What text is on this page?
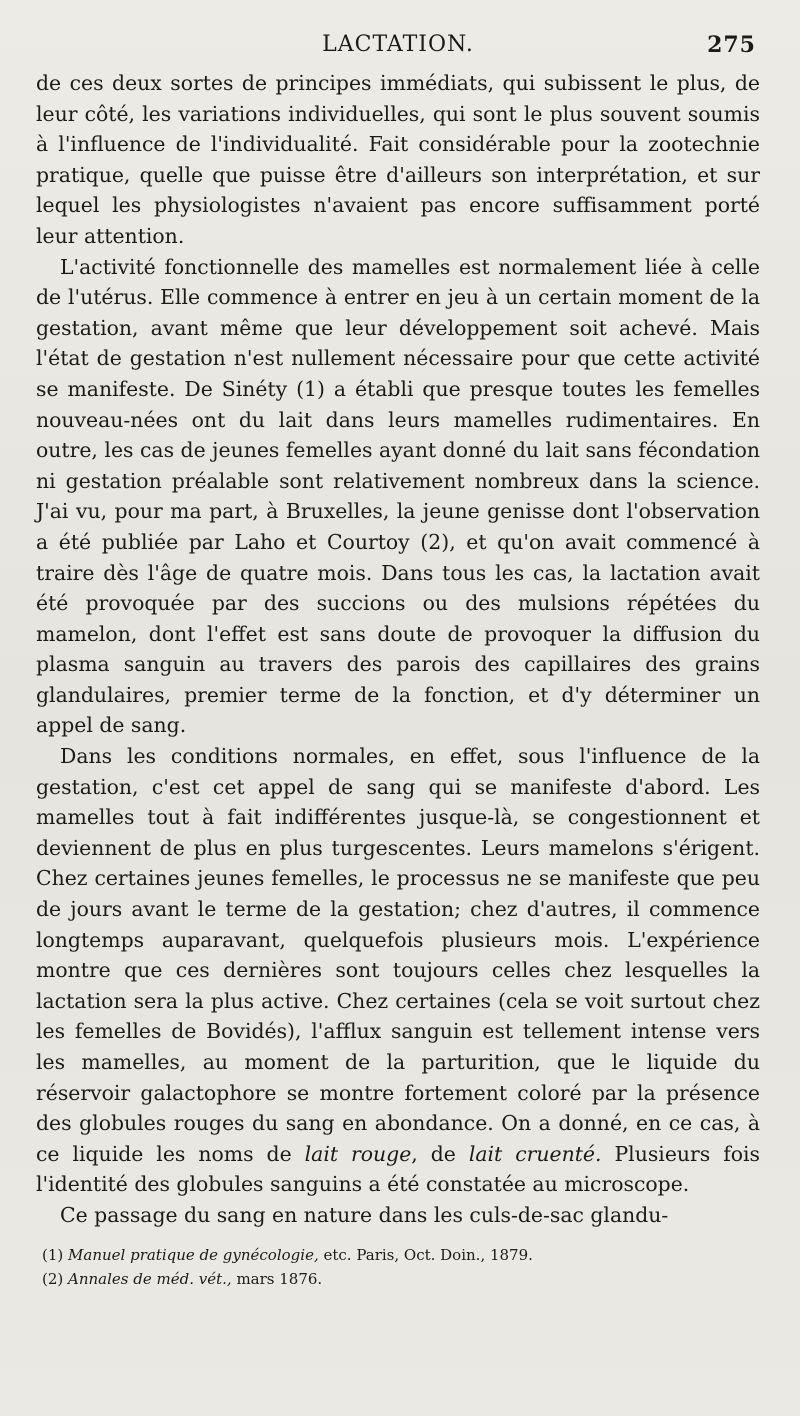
LACTATION.	275

de ces deux sortes de principes immédiats, qui subissent le plus, de leur côté, les variations individuelles, qui sont le plus souvent soumis à l'influence de l'individualité. Fait considérable pour la zootechnie pratique, quelle que puisse être d'ailleurs son interprétation, et sur lequel les physiologistes n'avaient pas encore suffisamment porté leur attention.

L'activité fonctionnelle des mamelles est normalement liée à celle de l'utérus. Elle commence à entrer en jeu à un certain moment de la gestation, avant même que leur développement soit achevé. Mais l'état de gestation n'est nullement nécessaire pour que cette activité se manifeste. De Sinéty (1) a établi que presque toutes les femelles nouveau-nées ont du lait dans leurs mamelles rudimentaires. En outre, les cas de jeunes femelles ayant donné du lait sans fécondation ni gestation préalable sont relativement nombreux dans la science. J'ai vu, pour ma part, à Bruxelles, la jeune genisse dont l'observation a été publiée par Laho et Courtoy (2), et qu'on avait commencé à traire dès l'âge de quatre mois. Dans tous les cas, la lactation avait été provoquée par des succions ou des mulsions répétées du mamelon, dont l'effet est sans doute de provoquer la diffusion du plasma sanguin au travers des parois des capillaires des grains glandulaires, premier terme de la fonction, et d'y déterminer un appel de sang.

Dans les conditions normales, en effet, sous l'influence de la gestation, c'est cet appel de sang qui se manifeste d'abord. Les mamelles tout à fait indifférentes jusque-là, se congestionnent et deviennent de plus en plus turgescentes. Leurs mamelons s'érigent. Chez certaines jeunes femelles, le processus ne se manifeste que peu de jours avant le terme de la gestation; chez d'autres, il commence longtemps auparavant, quelquefois plusieurs mois. L'expérience montre que ces dernières sont toujours celles chez lesquelles la lactation sera la plus active. Chez certaines (cela se voit surtout chez les femelles de Bovidés), l'afflux sanguin est tellement intense vers les mamelles, au moment de la parturition, que le liquide du réservoir galactophore se montre fortement coloré par la présence des globules rouges du sang en abondance. On a donné, en ce cas, à ce liquide les noms de lait rouge, de lait cruenté. Plusieurs fois l'identité des globules sanguins a été constatée au microscope.

Ce passage du sang en nature dans les culs-de-sac glandu-

(1) Manuel pratique de gynécologie, etc. Paris, Oct. Doin., 1879.
(2) Annales de méd. vét., mars 1876.
